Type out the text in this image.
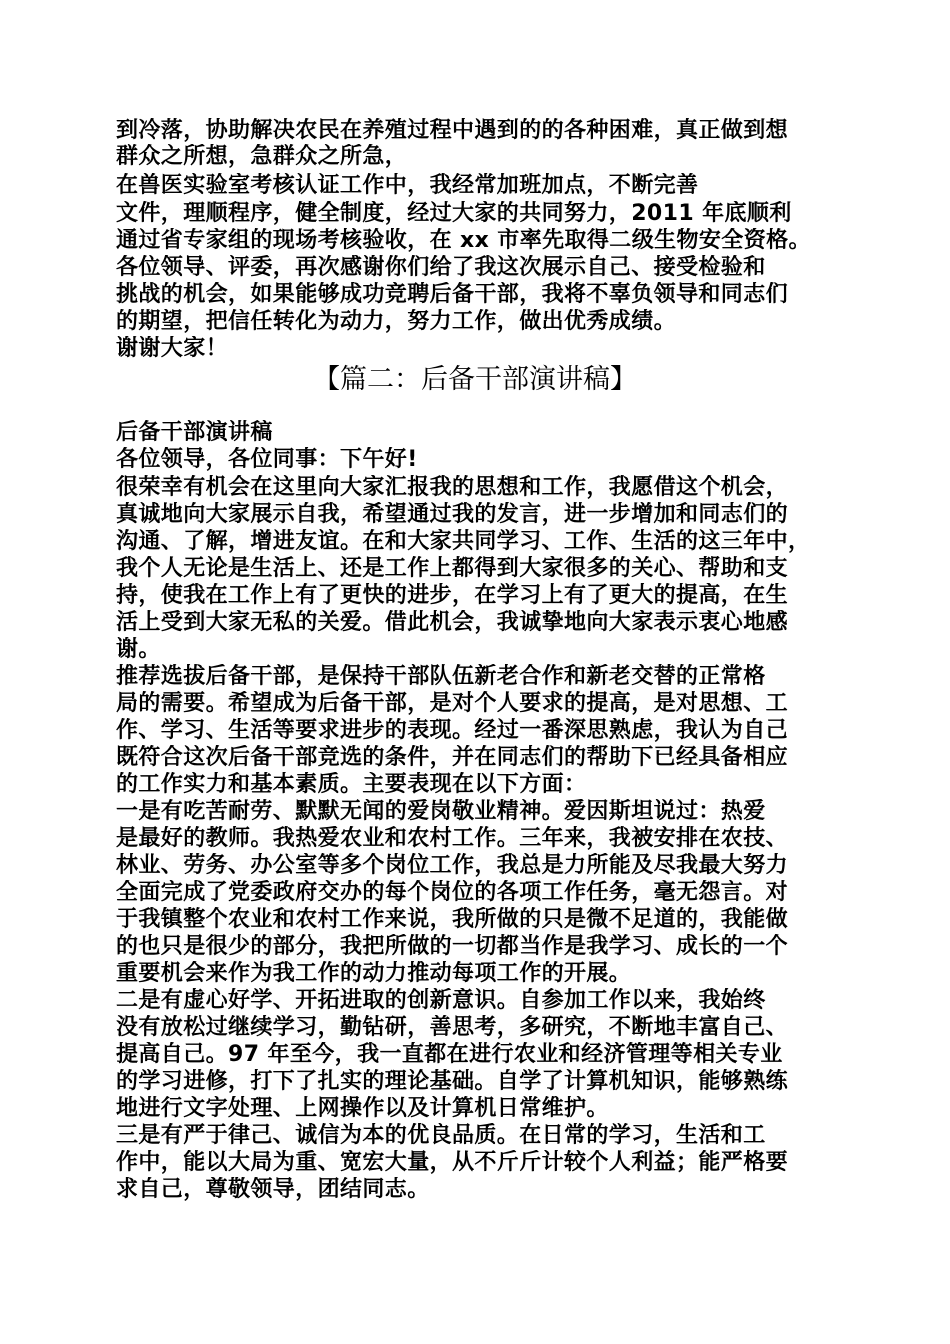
到冷落，协助解决农民在养殖过程中遇到的的各种困难，真正做到想
群众之所想，急群众之所急，
在兽医实验室考核认证工作中，我经常加班加点，不断完善
文件，理顺程序，健全制度，经过大家的共同努力，2011 年底顺利
通过省专家组的现场考核验收，在 xx 市率先取得二级生物安全资格。
各位领导、评委，再次感谢你们给了我这次展示自己、接受检验和
挑战的机会，如果能够成功竞聘后备干部，我将不辜负领导和同志们
的期望，把信任转化为动力，努力工作，做出优秀成绩。
谢谢大家！
【篇二：后备干部演讲稿】
后备干部演讲稿
各位领导，各位同事：下午好!
很荣幸有机会在这里向大家汇报我的思想和工作，我愿借这个机会，
真诚地向大家展示自我，希望通过我的发言，进一步增加和同志们的
沟通、了解，增进友谊。在和大家共同学习、工作、生活的这三年中，
我个人无论是生活上、还是工作上都得到大家很多的关心、帮助和支
持，使我在工作上有了更快的进步，在学习上有了更大的提高，在生
活上受到大家无私的关爱。借此机会，我诚挚地向大家表示衷心地感
谢。
推荐选拔后备干部，是保持干部队伍新老合作和新老交替的正常格
局的需要。希望成为后备干部，是对个人要求的提高，是对思想、工
作、学习、生活等要求进步的表现。经过一番深思熟虑，我认为自己
既符合这次后备干部竞选的条件，并在同志们的帮助下已经具备相应
的工作实力和基本素质。主要表现在以下方面：
一是有吃苦耐劳、默默无闻的爱岗敬业精神。爱因斯坦说过：热爱
是最好的教师。我热爱农业和农村工作。三年来，我被安排在农技、
林业、劳务、办公室等多个岗位工作，我总是力所能及尽我最大努力
全面完成了党委政府交办的每个岗位的各项工作任务，毫无怨言。对
于我镇整个农业和农村工作来说，我所做的只是微不足道的，我能做
的也只是很少的部分，我把所做的一切都当作是我学习、成长的一个
重要机会来作为我工作的动力推动每项工作的开展。
二是有虚心好学、开拓进取的创新意识。自参加工作以来，我始终
没有放松过继续学习，勤钻研，善思考，多研究，不断地丰富自己、
提高自己。97 年至今，我一直都在进行农业和经济管理等相关专业
的学习进修，打下了扎实的理论基础。自学了计算机知识，能够熟练
地进行文字处理、上网操作以及计算机日常维护。
三是有严于律己、诚信为本的优良品质。在日常的学习，生活和工
作中，能以大局为重、宽宏大量，从不斤斤计较个人利益；能严格要
求自己，尊敬领导，团结同志。
